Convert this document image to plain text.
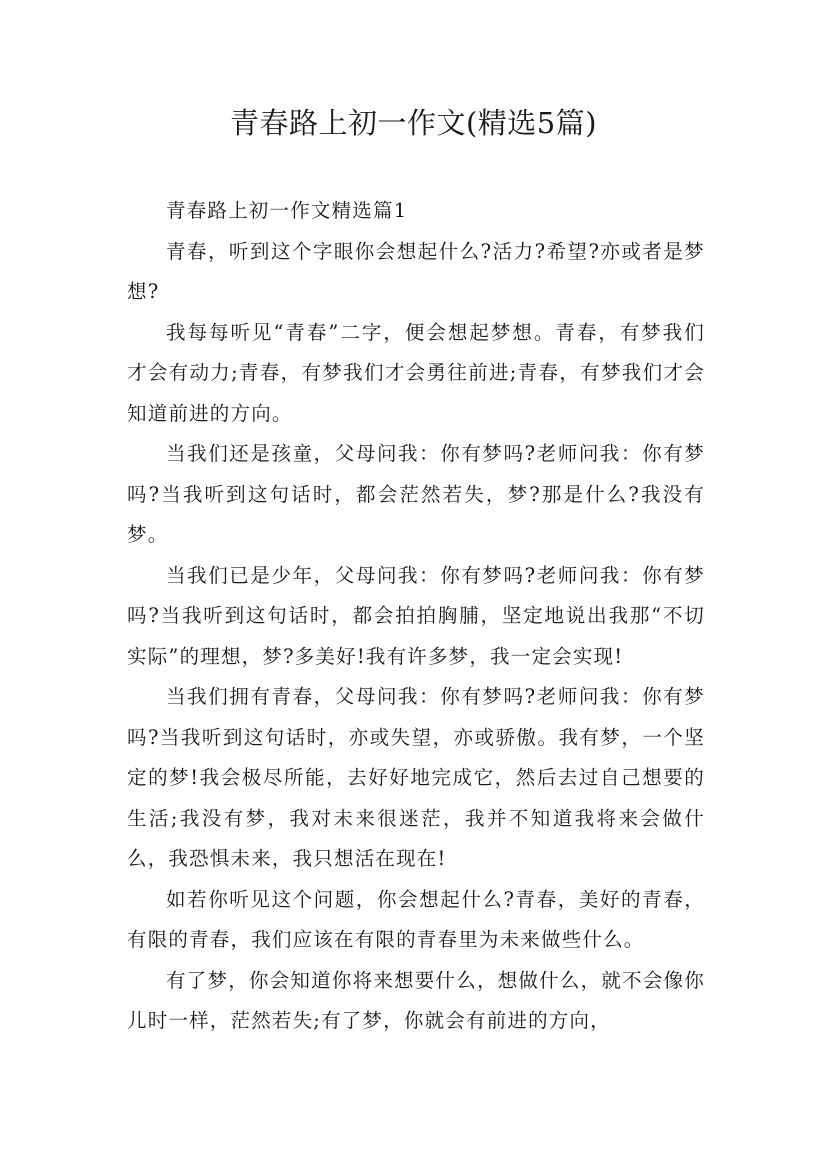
青春路上初一作文(精选5篇)

青春路上初一作文精选篇1

青春，听到这个字眼你会想起什么?活力?希望?亦或者是梦想?

我每每听见“青春”二字，便会想起梦想。青春，有梦我们才会有动力;青春，有梦我们才会勇往前进;青春，有梦我们才会知道前进的方向。

当我们还是孩童，父母问我：你有梦吗?老师问我：你有梦吗?当我听到这句话时，都会茫然若失，梦?那是什么?我没有梦。

当我们已是少年，父母问我：你有梦吗?老师问我：你有梦吗?当我听到这句话时，都会拍拍胸脯，坚定地说出我那“不切实际”的理想，梦?多美好!我有许多梦，我一定会实现!

当我们拥有青春，父母问我：你有梦吗?老师问我：你有梦吗?当我听到这句话时，亦或失望，亦或骄傲。我有梦，一个坚定的梦!我会极尽所能，去好好地完成它，然后去过自己想要的生活;我没有梦，我对未来很迷茫，我并不知道我将来会做什么，我恐惧未来，我只想活在现在!

如若你听见这个问题，你会想起什么?青春，美好的青春，有限的青春，我们应该在有限的青春里为未来做些什么。

有了梦，你会知道你将来想要什么，想做什么，就不会像你儿时一样，茫然若失;有了梦，你就会有前进的方向，
